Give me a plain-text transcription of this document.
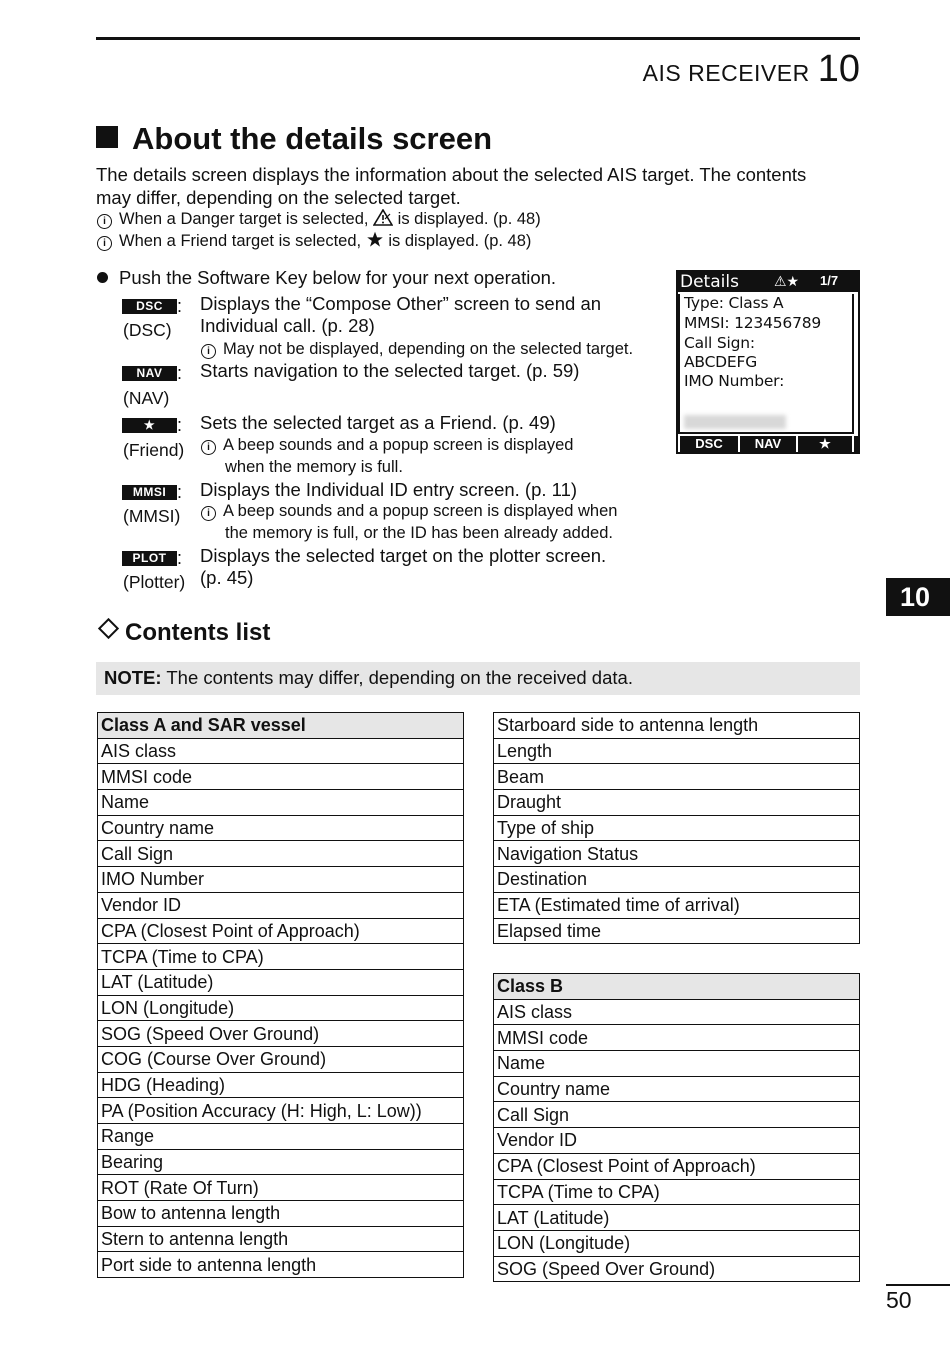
AIS RECEIVER 10
About the details screen
The details screen displays the information about the selected AIS target. The contents
may differ, depending on the selected target.
i When a Danger target is selected, is displayed. (p. 48)
i When a Friend target is selected, is displayed. (p. 48)
Push the Software Key below for your next operation.
DSC :
(DSC)
Displays the “Compose Other” screen to send an
Individual call. (p. 28)
i May not be displayed, depending on the selected target.
NAV :
(NAV)
Starts navigation to the selected target. (p. 59)
★	:
(Friend)
Sets the selected target as a Friend. (p. 49)
i A beep sounds and a popup screen is displayed
when the memory is full.
MMSI :
(MMSI)
Displays the Individual ID entry screen. (p. 11)
i A beep sounds and a popup screen is displayed when
the memory is full, or the ID has been already added.
PLOT :
(Plotter)
Displays the selected target on the plotter screen.
(p. 45)
Details	⚠★ 1/7
Type: Class A
MMSI: 123456789
Call Sign:
ABCDEFG
IMO Number:
DSC	NAV	★
10
Contents list
NOTE: The contents may differ, depending on the received data.
Class A and SAR vessel
AIS class
MMSI code
Name
Country name
Call Sign
IMO Number
Vendor ID
CPA (Closest Point of Approach)
TCPA (Time to CPA)
LAT (Latitude)
LON (Longitude)
SOG (Speed Over Ground)
COG (Course Over Ground)
HDG (Heading)
PA (Position Accuracy (H: High, L: Low))
Range
Bearing
ROT (Rate Of Turn)
Bow to antenna length
Stern to antenna length
Port side to antenna length
Starboard side to antenna length
Length
Beam
Draught
Type of ship
Navigation Status
Destination
ETA (Estimated time of arrival)
Elapsed time
Class B
AIS class
MMSI code
Name
Country name
Call Sign
Vendor ID
CPA (Closest Point of Approach)
TCPA (Time to CPA)
LAT (Latitude)
LON (Longitude)
SOG (Speed Over Ground)
50
